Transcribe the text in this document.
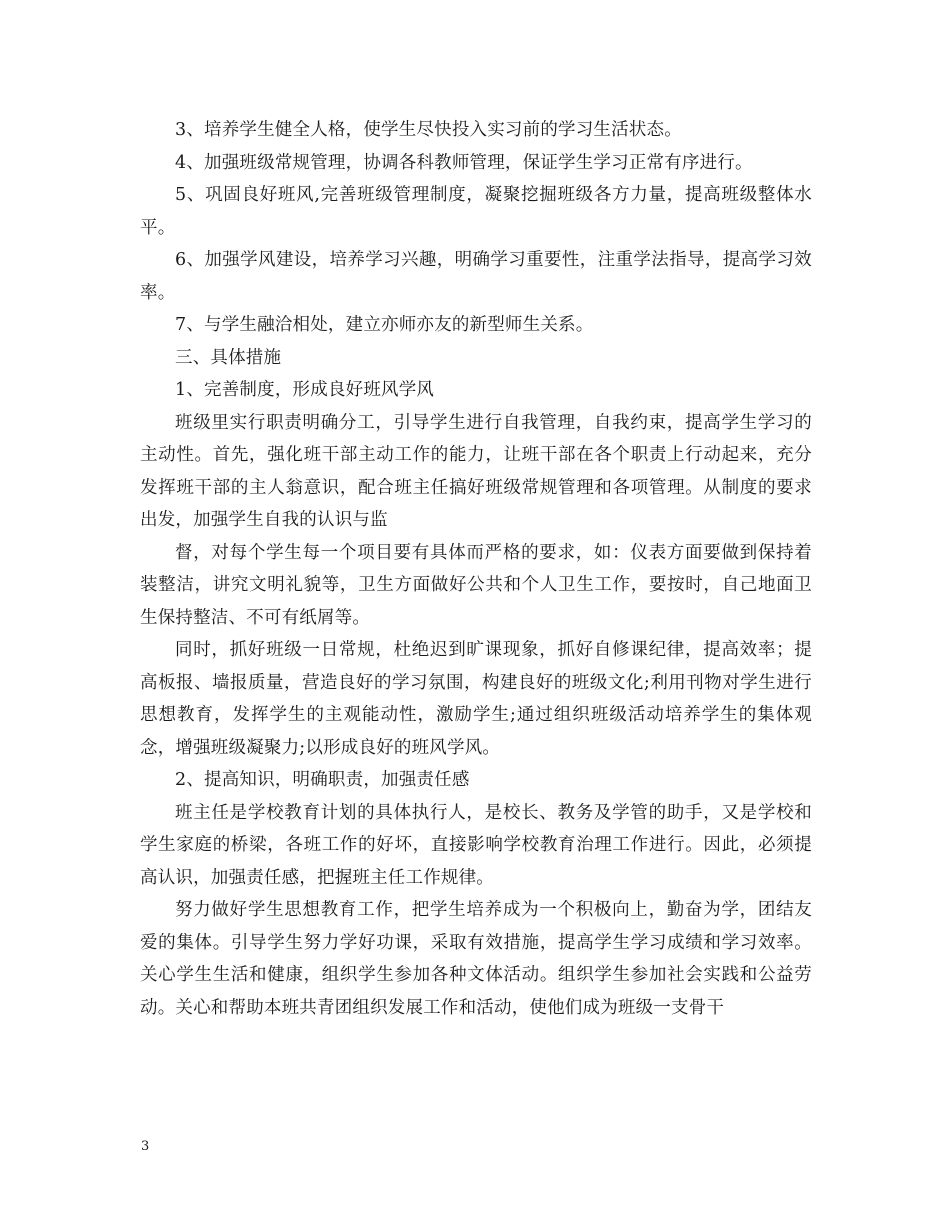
3、培养学生健全人格，使学生尽快投入实习前的学习生活状态。

4、加强班级常规管理，协调各科教师管理，保证学生学习正常有序进行。

5、巩固良好班风,完善班级管理制度，凝聚挖掘班级各方力量，提高班级整体水平。

6、加强学风建设，培养学习兴趣，明确学习重要性，注重学法指导，提高学习效率。

7、与学生融洽相处，建立亦师亦友的新型师生关系。

三、具体措施

1、完善制度，形成良好班风学风

班级里实行职责明确分工，引导学生进行自我管理，自我约束，提高学生学习的主动性。首先，强化班干部主动工作的能力，让班干部在各个职责上行动起来，充分发挥班干部的主人翁意识，配合班主任搞好班级常规管理和各项管理。从制度的要求出发，加强学生自我的认识与监

督，对每个学生每一个项目要有具体而严格的要求，如：仪表方面要做到保持着装整洁，讲究文明礼貌等，卫生方面做好公共和个人卫生工作，要按时，自己地面卫生保持整洁、不可有纸屑等。

同时，抓好班级一日常规，杜绝迟到旷课现象，抓好自修课纪律，提高效率；提高板报、墙报质量，营造良好的学习氛围，构建良好的班级文化;利用刊物对学生进行思想教育，发挥学生的主观能动性，激励学生;通过组织班级活动培养学生的集体观念，增强班级凝聚力;以形成良好的班风学风。

2、提高知识，明确职责，加强责任感

班主任是学校教育计划的具体执行人，是校长、教务及学管的助手，又是学校和学生家庭的桥梁，各班工作的好坏，直接影响学校教育治理工作进行。因此，必须提高认识，加强责任感，把握班主任工作规律。

努力做好学生思想教育工作，把学生培养成为一个积极向上，勤奋为学，团结友爱的集体。引导学生努力学好功课，采取有效措施，提高学生学习成绩和学习效率。关心学生生活和健康，组织学生参加各种文体活动。组织学生参加社会实践和公益劳动。关心和帮助本班共青团组织发展工作和活动，使他们成为班级一支骨干

3
